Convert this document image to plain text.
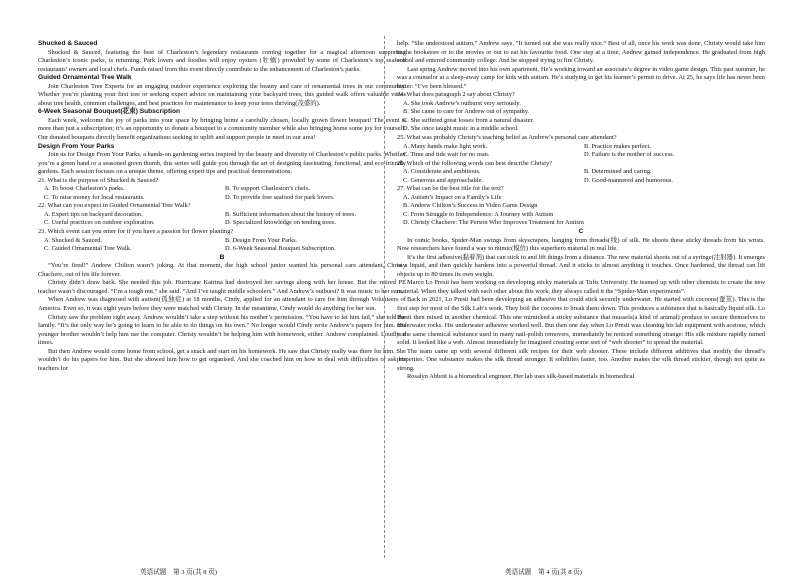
Shucked & Sauced

Shucked & Sauced, featuring the best of Charleston’s legendary restaurants coming together for a magical afternoon supporting Charleston’s iconic parks, is returning. Park lovers and foodies will enjoy oysters (牡蛎) provided by some of Charleston’s top seafood restaurants’ owners and local chefs. Funds raised from this event directly contribute to the enhancement of Charleston’s parks.

Guided Ornamental Tree Walk

Join Charleston Tree Experts for an engaging outdoor experience exploring the beauty and care of ornamental trees in our community. Whether you’re planting your first tree or seeking expert advice on maintaining your backyard trees, this guided walk offers valuable views about tree health, common challenges, and best practices for maintenance to keep your trees thriving(茂盛的).

6-Week Seasonal Bouquet(花束) Subscription

Each week, welcome the joy of parks into your space by bringing home a carefully chosen, locally grown flower bouquet! The event is more than just a subscription; it’s an opportunity to donate a bouquet to a community member while also bringing home some joy for yourself. Our donated bouquets directly benefit organizations seeking to uplift and support people in need in our area!

Design From Your Parks

Join us for Design From Your Parks, a hands-on gardening series inspired by the beauty and diversity of Charleston’s public parks. Whether you’re a green hand or a seasoned green thumb, this series will guide you through the art of designing fascinating, functional, and eco-friendly gardens. Each session focuses on a unique theme, offering expert tips and practical demonstrations.

21. What is the purpose of Shucked & Sauced?

A. To boost Charleston’s parks.	B. To support Charleston’s chefs.
C. To raise money for local restaurants.	D. To provide free seafood for park lovers.

22. What can you expect in Guided Ornamental Tree Walk?

A. Expert tips on backyard decoration.	B. Sufficient information about the history of trees.
C. Useful practices on outdoor exploration.	D. Specialized knowledge on tending trees.

23. Which event can you enter for if you have a passion for flower planting?

A. Shucked & Sauced.	B. Design From Your Parks.
C. Guided Ornamental Tree Walk.	D. 6-Week Seasonal Bouquet Subscription.
B

“You’re fired!” Andrew Chilton wasn’t joking. At that moment, the high school junior wanted his personal care attendant, Christy Chachere, out of his life forever.

Christy didn’t draw back. She needed this job. Hurricane Katrina had destroyed her savings along with her house. But the retired PE teacher wasn’t discouraged. “I’m a tough nut,” she said. “And I’ve taught middle schoolers.” And Andrew’s outburst? It was music to her ears.

When Andrew was diagnosed with autism(孤独症) at 18 months, Cindy, applied for an attendant to care for him through Volunteers of America. Even so, it was eight years before they were matched with Christy. In the meantime, Cindy would do anything for her son.

Christy saw the problem right away. Andrew wouldn’t take a step without his mother’s permission. “You have to let him fail,” she told the family. “It’s the only way he’s going to learn to be able to do things on his own.” No longer would Cindy write Andrew’s papers for him. His younger brother wouldn’t help him use the computer. Christy wouldn’t be helping him with homework, either. Andrew complained. Loudly at times.

But then Andrew would come home from school, get a snack and start on his homework. He saw that Christy really was there for him. She wouldn’t do his papers for him. But she showed him how to get organised. And she coached him on how to deal with difficulties or ask his teachers for

help. “She understood autism,” Andrew says. “It turned out she was really nice.” Best of all, once his work was done, Christy would take him to the bookstore or to the movies or out to eat his favourite food. One step at a time, Andrew gained independence. He graduated from high school and entered community college. And he stopped trying to fire Christy.

Last spring Andrew moved into his own apartment. He’s working toward an associate’s degree in video game design. This past summer, he was a counselor at a sleep-away camp for kids with autism. He’s studying to get his learner’s permit to drive. At 25, he says life has never been better: “I’ve been blessed.”

24. What does paragraph 2 say about Christy?

A. She took Andrew’s outburst very seriously.
B. She came to care for Andrew out of sympathy.
C. She suffered great losses from a natural disaster.
D. She once taught music in a middle school.

25. What was probably Christy’s teaching belief as Andrew’s personal care attendant?

A. Many hands make light work.	B. Practice makes perfect.
C. Time and tide wait for no man.	D. Failure is the mother of success.

26. Which of the following words can best describe Christy?

A. Considerate and ambitious.	B. Determined and caring.
C. Generous and approachable.	D. Good-mannered and humorous.

27. What can be the best title for the text?

A. Autism’s Impact on a Family’s Life
B. Andrew Chilton’s Success in Video Game Design
C. From Struggle to Independence: A Journey with Autism
D. Christy Chachere: The Person Who Improves Treatment for Autism
C

In comic books, Spider-Man swings from skyscrapers, hanging from threads(线) of silk. He shoots these sticky threads from his wrists. Now researchers have found a way to mimic(模仿) this superhero material in real life.

It’s the first adhesive(黏着剂) that can stick to and lift things from a distance. The new material shoots out of a syringe(注射器). It emerges as a liquid, and then quickly hardens into a powerful thread. And it sticks to almost anything it touches. Once hardened, the thread can lift objects up to 80 times its own weight.

Marco Lo Presti has been working on developing sticky materials at Tufts University. He teamed up with other chemists to create the new material. When they talked with each other about this work, they always called it the “Spider-Man experiments”.

Back in 2021, Lo Presti had been developing an adhesive that could stick securely underwater. He started with cocoons(蚕茧). This is the first step for most of the Silk Lab’s work. They boil the cocoons to break them down. This produces a substance that is basically liquid silk. Lo Presti then mixed in another chemical. This one mimicked a sticky substance that mussels(a kind of animal) produce to secure themselves to underwater rocks. His underwater adhesive worked well. But then one day when Lo Presti was cleaning his lab equipment with acetone, which is the same chemical substance used in many nail-polish removers, immediately he noticed something strange: His silk mixture rapidly turned solid. It looked like a web. Almost immediately he imagined creating some sort of “web shooter” to spread the material.

The team came up with several different silk recipes for their web shooter. These include different additives that modify the thread’s properties. One substance makes the silk thread stronger. It solidifies faster, too. Another makes the silk thread stickier, though not quite as strong.

Rosalyn Abbott is a biomedical engineer. Her lab uses silk-based materials in biomedical

英语试题　第 3 页(共 8 页)	英语试题　第 4 页(共 8 页)
